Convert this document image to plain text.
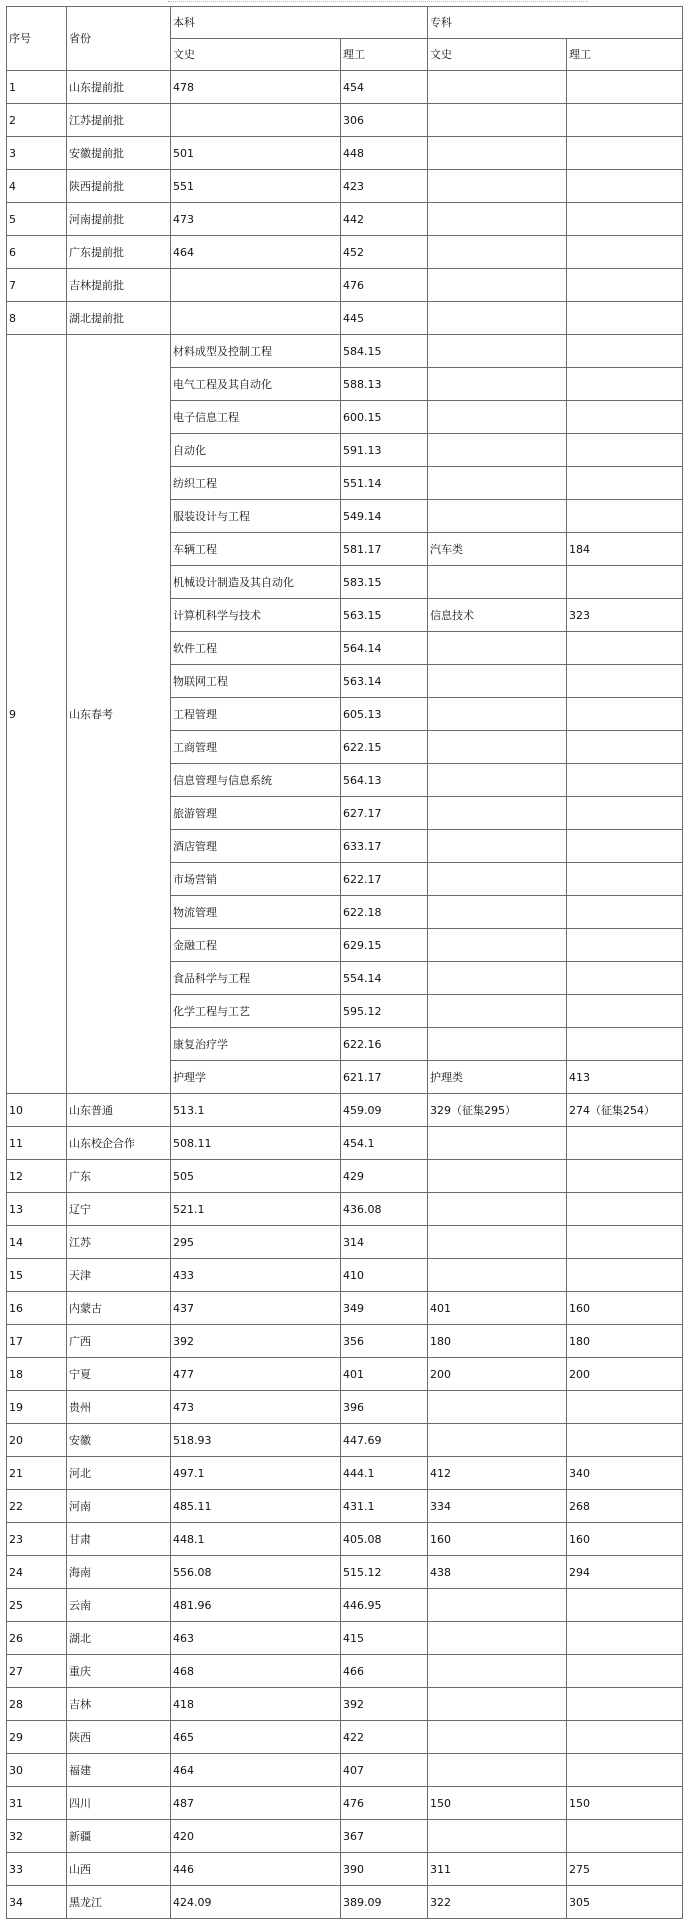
序号	省份	本科		专科	
		文史	理工	文史	理工
1	山东提前批	478	454		
2	江苏提前批		306		
3	安徽提前批	501	448		
4	陕西提前批	551	423		
5	河南提前批	473	442		
6	广东提前批	464	452		
7	吉林提前批		476		
8	湖北提前批		445		
9	山东春考	材料成型及控制工程	584.15		
		电气工程及其自动化	588.13		
		电子信息工程	600.15		
		自动化	591.13		
		纺织工程	551.14		
		服装设计与工程	549.14		
		车辆工程	581.17	汽车类	184
		机械设计制造及其自动化	583.15		
		计算机科学与技术	563.15	信息技术	323
		软件工程	564.14		
		物联网工程	563.14		
		工程管理	605.13		
		工商管理	622.15		
		信息管理与信息系统	564.13		
		旅游管理	627.17		
		酒店管理	633.17		
		市场营销	622.17		
		物流管理	622.18		
		金融工程	629.15		
		食品科学与工程	554.14		
		化学工程与工艺	595.12		
		康复治疗学	622.16		
		护理学	621.17	护理类	413
10	山东普通	513.1	459.09	329（征集295）	274（征集254）
11	山东校企合作	508.11	454.1		
12	广东	505	429		
13	辽宁	521.1	436.08		
14	江苏	295	314		
15	天津	433	410		
16	内蒙古	437	349	401	160
17	广西	392	356	180	180
18	宁夏	477	401	200	200
19	贵州	473	396		
20	安徽	518.93	447.69		
21	河北	497.1	444.1	412	340
22	河南	485.11	431.1	334	268
23	甘肃	448.1	405.08	160	160
24	海南	556.08	515.12	438	294
25	云南	481.96	446.95		
26	湖北	463	415		
27	重庆	468	466		
28	吉林	418	392		
29	陕西	465	422		
30	福建	464	407		
31	四川	487	476	150	150
32	新疆	420	367		
33	山西	446	390	311	275
34	黑龙江	424.09	389.09	322	305
